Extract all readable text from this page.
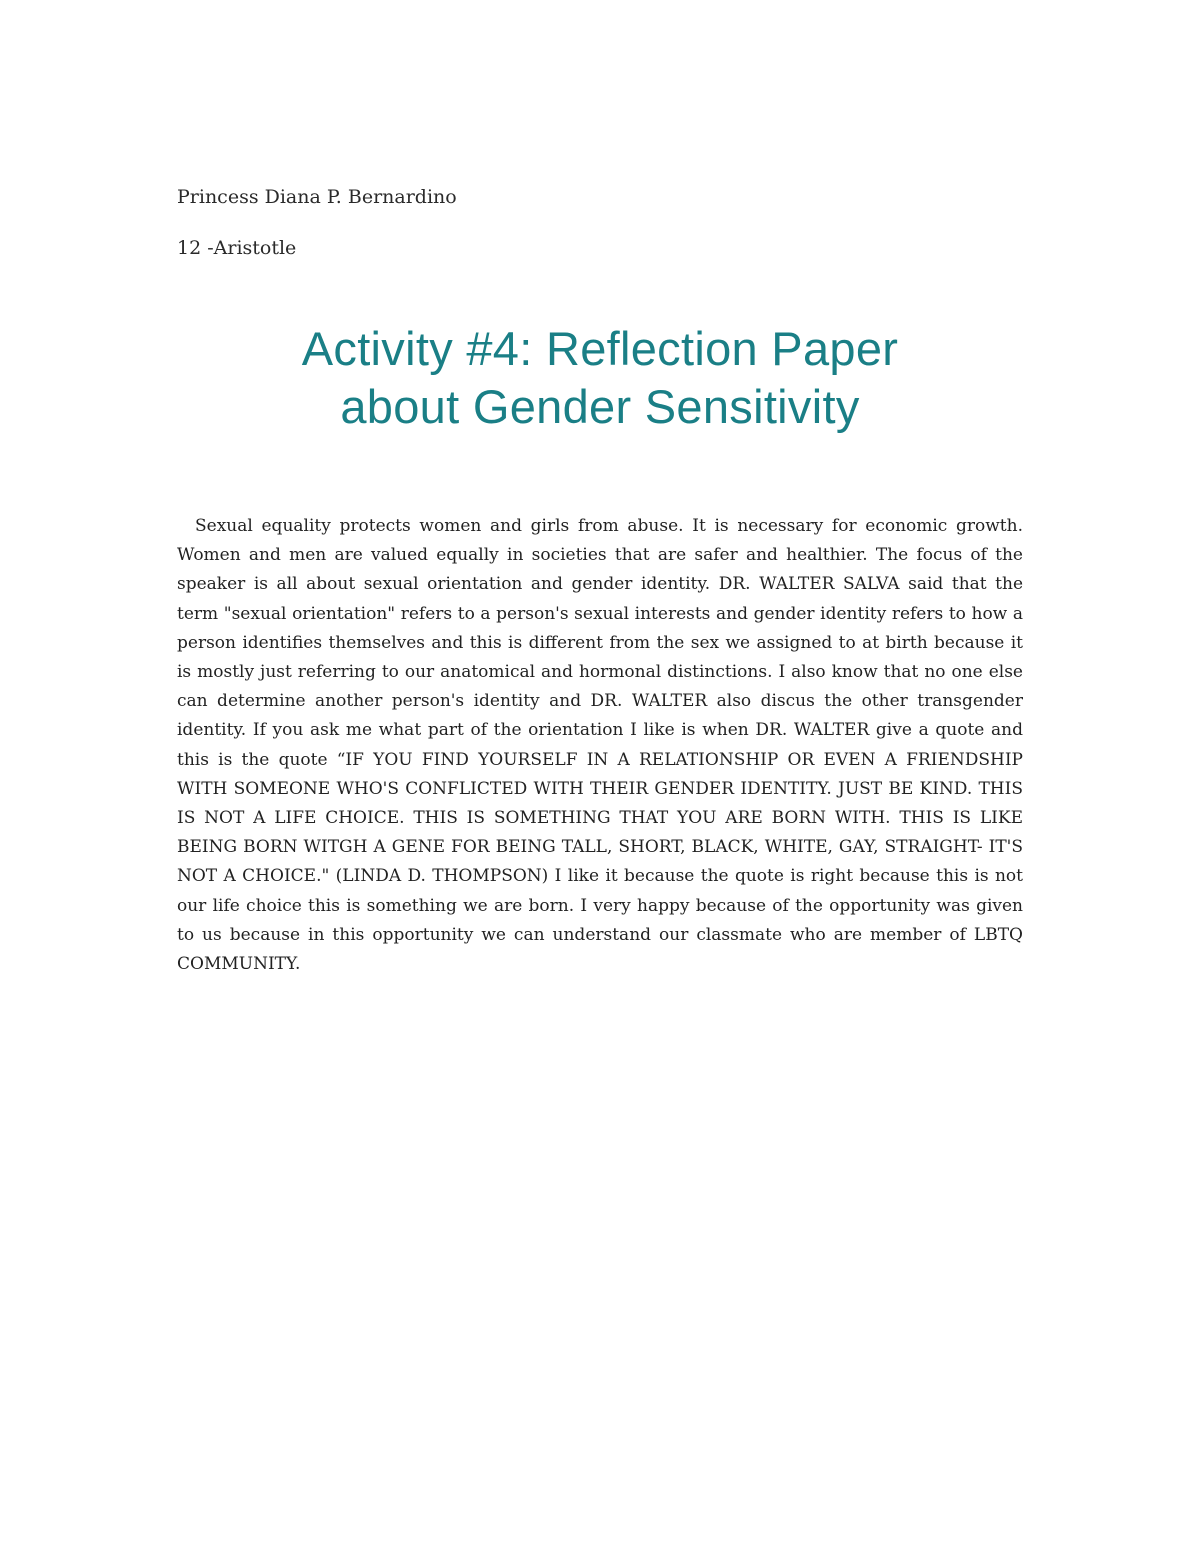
Princess Diana P. Bernardino
12 -Aristotle
Activity #4: Reflection Paper
about Gender Sensitivity

Sexual equality protects women and girls from abuse. It is necessary for economic growth. Women and men are valued equally in societies that are safer and healthier. The focus of the speaker is all about sexual orientation and gender identity. DR. WALTER SALVA said that the term "sexual orientation" refers to a person's sexual interests and gender identity refers to how a person identifies themselves and this is different from the sex we assigned to at birth because it is mostly just referring to our anatomical and hormonal distinctions. I also know that no one else can determine another person's identity and DR. WALTER also discus the other transgender identity. If you ask me what part of the orientation I like is when DR. WALTER give a quote and this is the quote “IF YOU FIND YOURSELF IN A RELATIONSHIP OR EVEN A FRIENDSHIP WITH SOMEONE WHO'S CONFLICTED WITH THEIR GENDER IDENTITY. JUST BE KIND. THIS IS NOT A LIFE CHOICE. THIS IS SOMETHING THAT YOU ARE BORN WITH. THIS IS LIKE BEING BORN WITGH A GENE FOR BEING TALL, SHORT, BLACK, WHITE, GAY, STRAIGHT- IT'S NOT A CHOICE." (LINDA D. THOMPSON) I like it because the quote is right because this is not our life choice this is something we are born. I very happy because of the opportunity was given to us because in this opportunity we can understand our classmate who are member of LBTQ COMMUNITY.
